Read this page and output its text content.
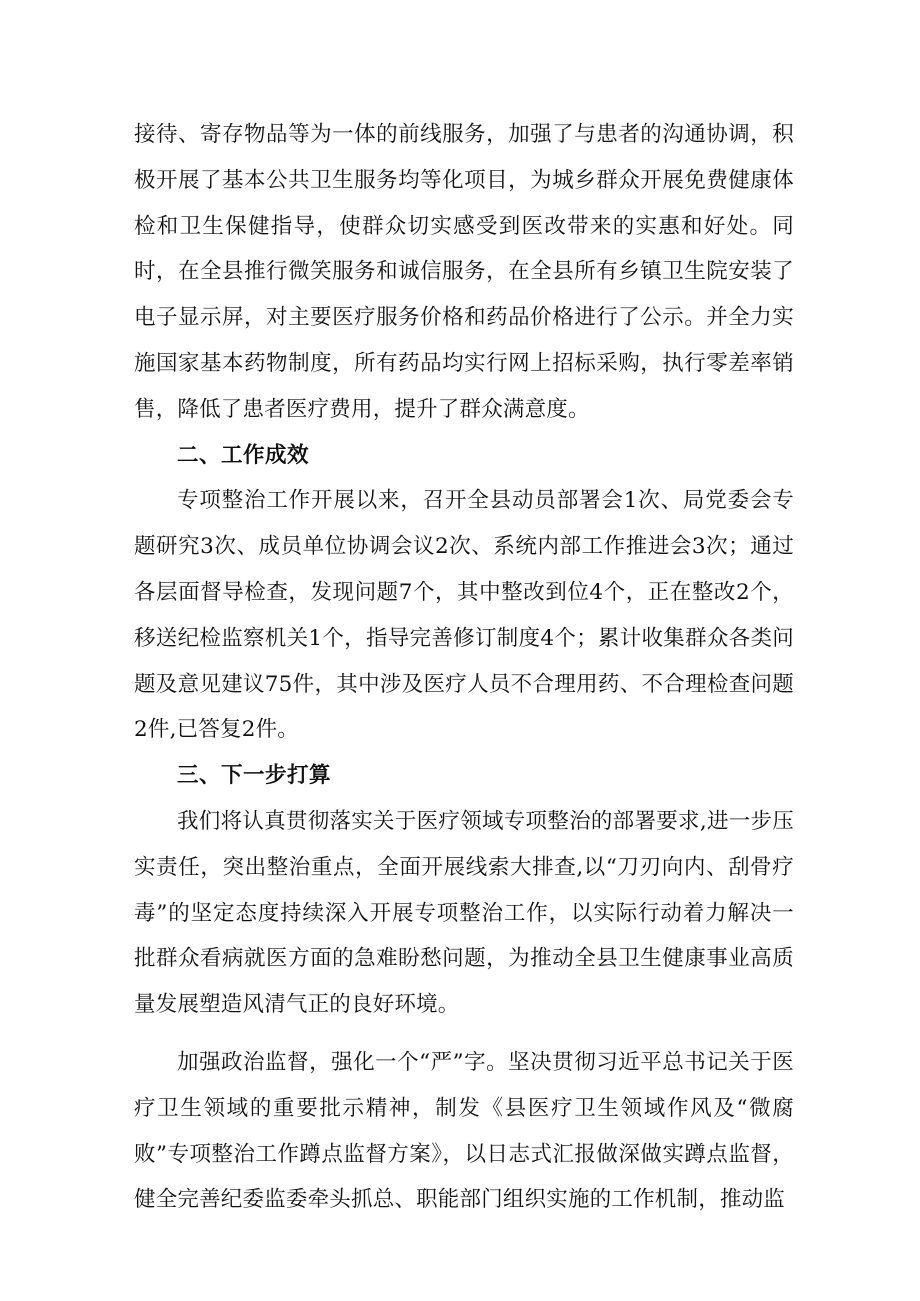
接待、寄存物品等为一体的前线服务，加强了与患者的沟通协调，积极开展了基本公共卫生服务均等化项目，为城乡群众开展免费健康体检和卫生保健指导，使群众切实感受到医改带来的实惠和好处。同时，在全县推行微笑服务和诚信服务，在全县所有乡镇卫生院安装了电子显示屏，对主要医疗服务价格和药品价格进行了公示。并全力实施国家基本药物制度，所有药品均实行网上招标采购，执行零差率销售，降低了患者医疗费用，提升了群众满意度。

二、工作成效

专项整治工作开展以来，召开全县动员部署会1次、局党委会专题研究3次、成员单位协调会议2次、系统内部工作推进会3次；通过各层面督导检查，发现问题7个，其中整改到位4个，正在整改2个，移送纪检监察机关1个，指导完善修订制度4个；累计收集群众各类问题及意见建议75件，其中涉及医疗人员不合理用药、不合理检查问题2件,已答复2件。

三、下一步打算

我们将认真贯彻落实关于医疗领域专项整治的部署要求,进一步压实责任，突出整治重点，全面开展线索大排查,以“刀刃向内、刮骨疗毒”的坚定态度持续深入开展专项整治工作，以实际行动着力解决一批群众看病就医方面的急难盼愁问题，为推动全县卫生健康事业高质量发展塑造风清气正的良好环境。

加强政治监督，强化一个“严”字。坚决贯彻习近平总书记关于医疗卫生领域的重要批示精神，制发《县医疗卫生领域作风及“微腐败”专项整治工作蹲点监督方案》，以日志式汇报做深做实蹲点监督，健全完善纪委监委牵头抓总、职能部门组织实施的工作机制，推动监
